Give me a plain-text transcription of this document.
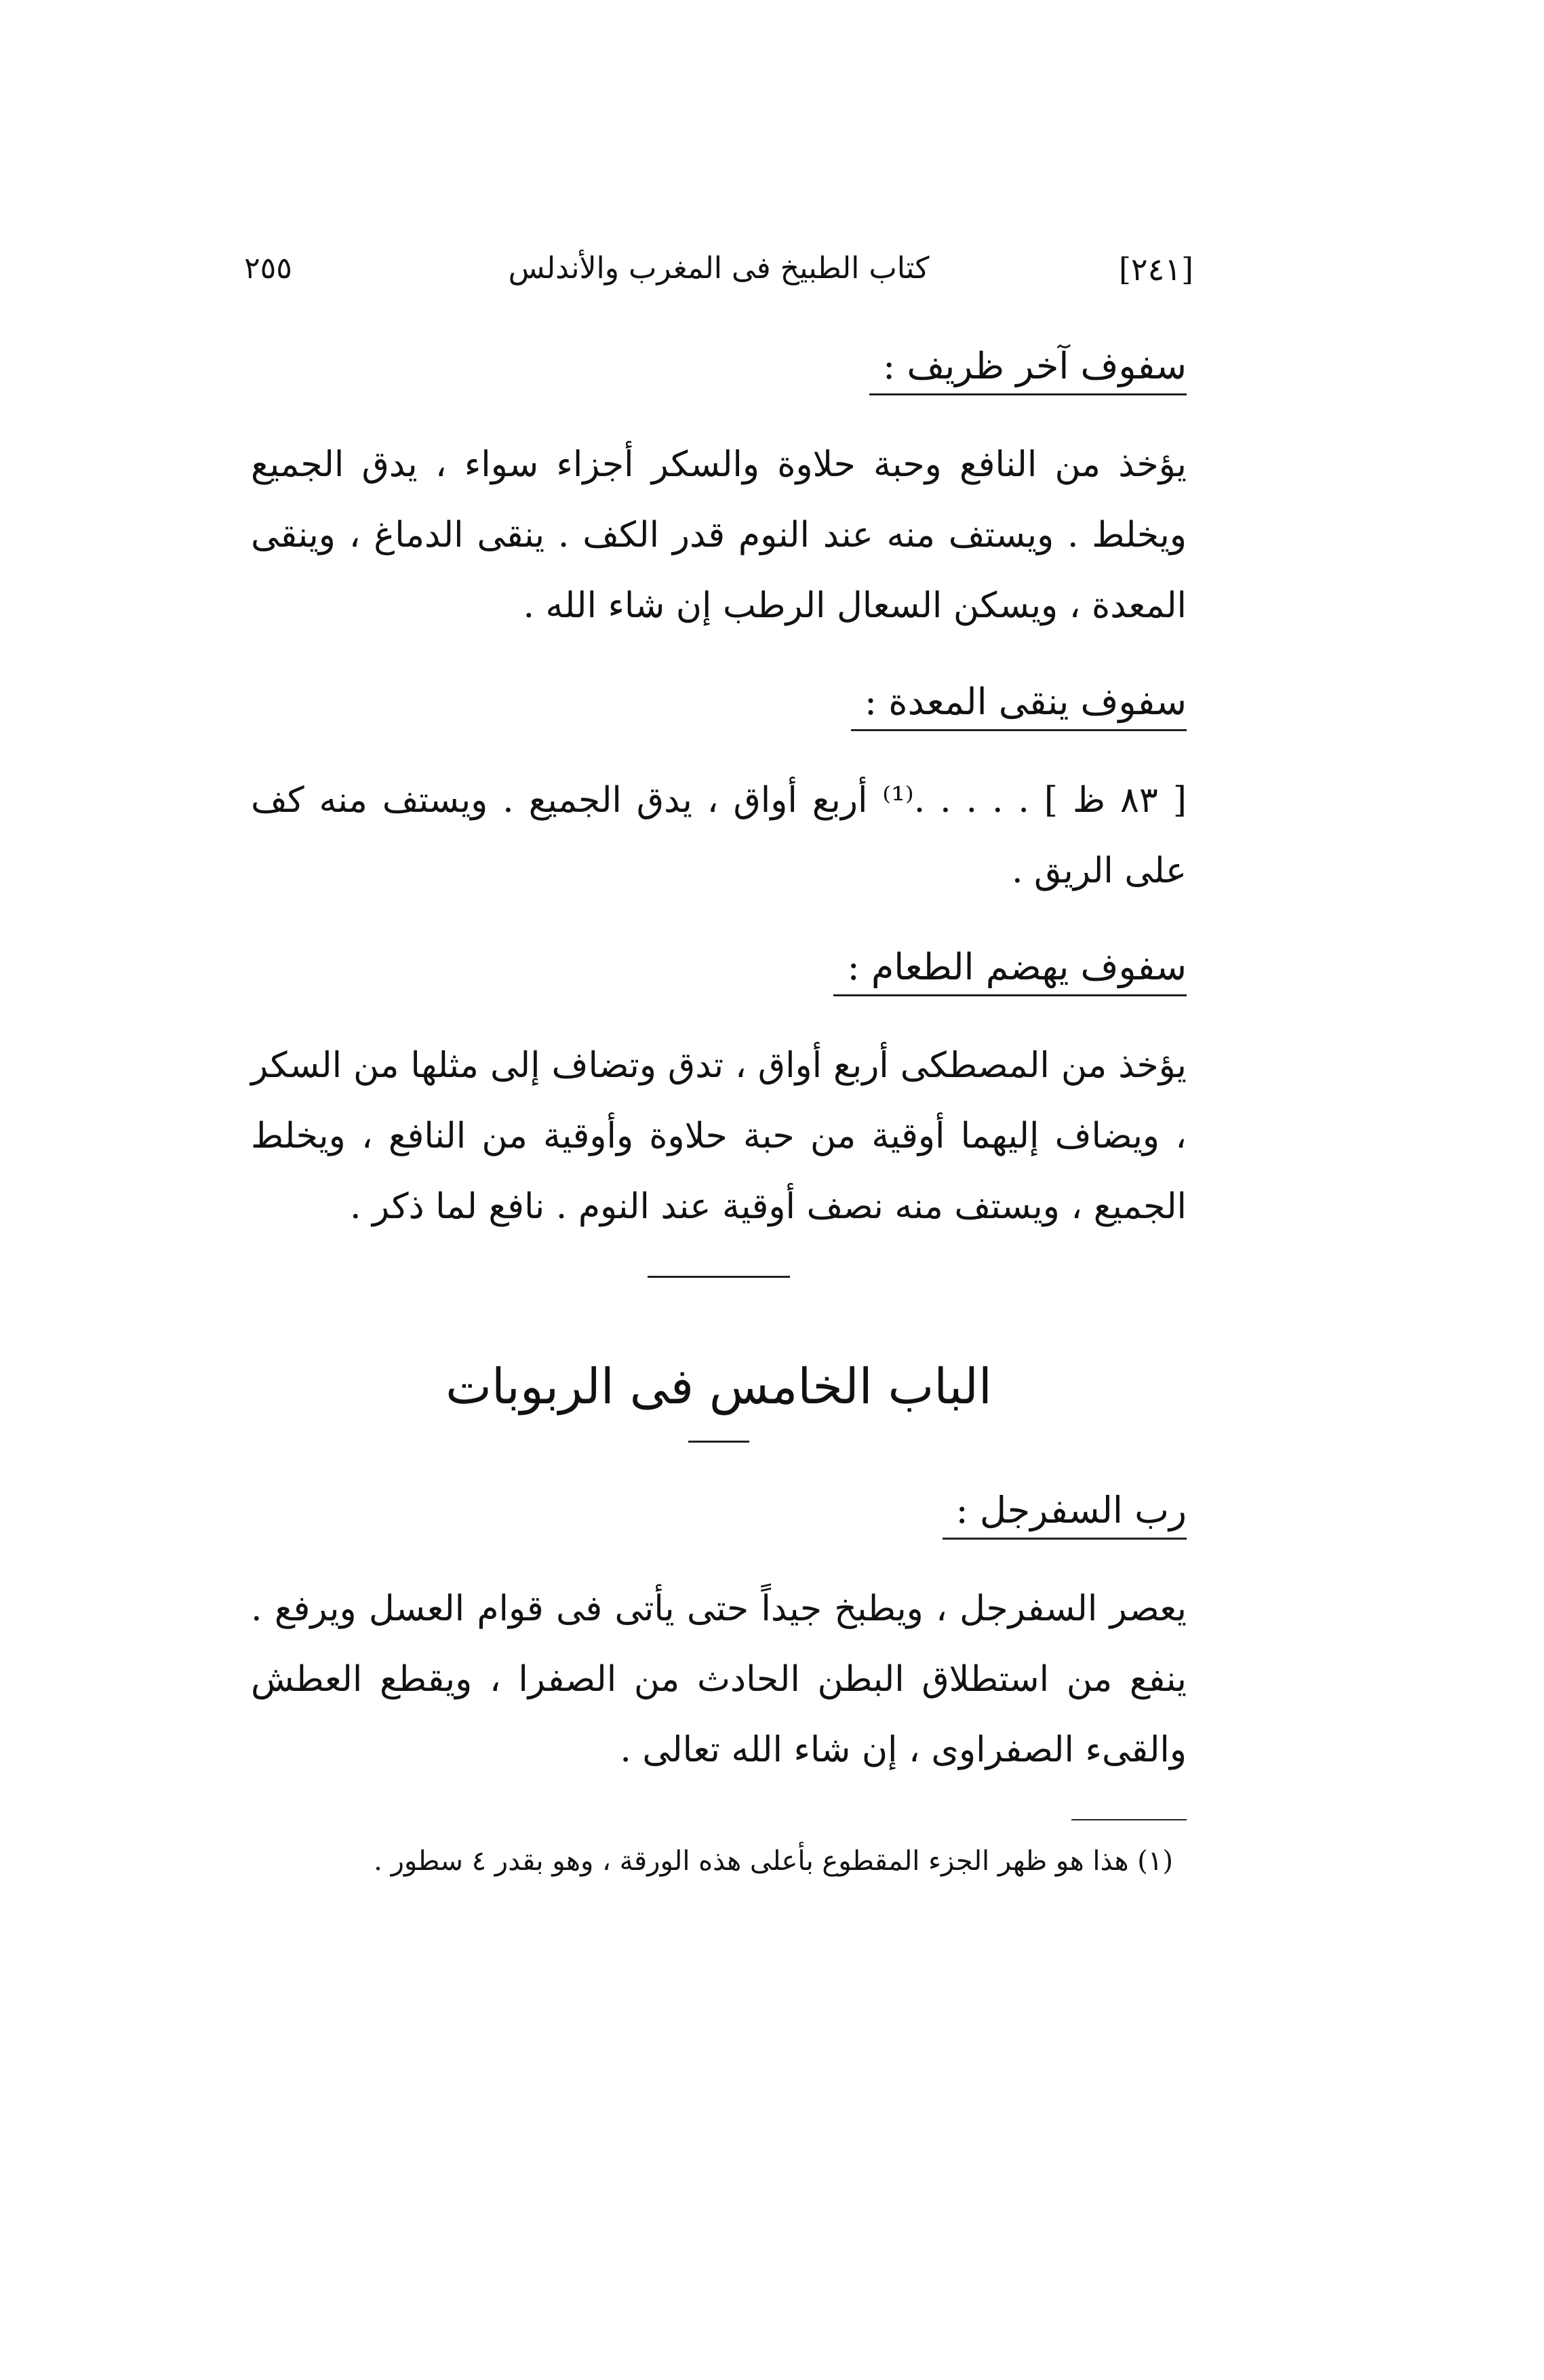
[٢٤١]
كتاب الطبيخ فى المغرب والأندلس
٢٥٥
سفوف آخر ظريف :

يؤخذ من النافع وحبة حلاوة والسكر أجزاء سواء ، يدق الجميع ويخلط . ويستف منه عند النوم قدر الكف . ينقى الدماغ ، وينقى المعدة ، ويسكن السعال الرطب إن شاء الله .

سفوف ينقى المعدة :

[ ٨٣ ظ ] . . . . .⁽¹⁾ أربع أواق ، يدق الجميع . ويستف منه كف على الريق .

سفوف يهضم الطعام :

يؤخذ من المصطكى أربع أواق ، تدق وتضاف إلى مثلها من السكر ، ويضاف إليهما أوقية من حبة حلاوة وأوقية من النافع ، ويخلط الجميع ، ويستف منه نصف أوقية عند النوم . نافع لما ذكر .

الباب الخامس فى الربوبات
رب السفرجل :

يعصر السفرجل ، ويطبخ جيداً حتى يأتى فى قوام العسل ويرفع . ينفع من استطلاق البطن الحادث من الصفرا ، ويقطع العطش والقىء الصفراوى ، إن شاء الله تعالى .

(١) هذا هو ظهر الجزء المقطوع بأعلى هذه الورقة ، وهو بقدر ٤ سطور .
